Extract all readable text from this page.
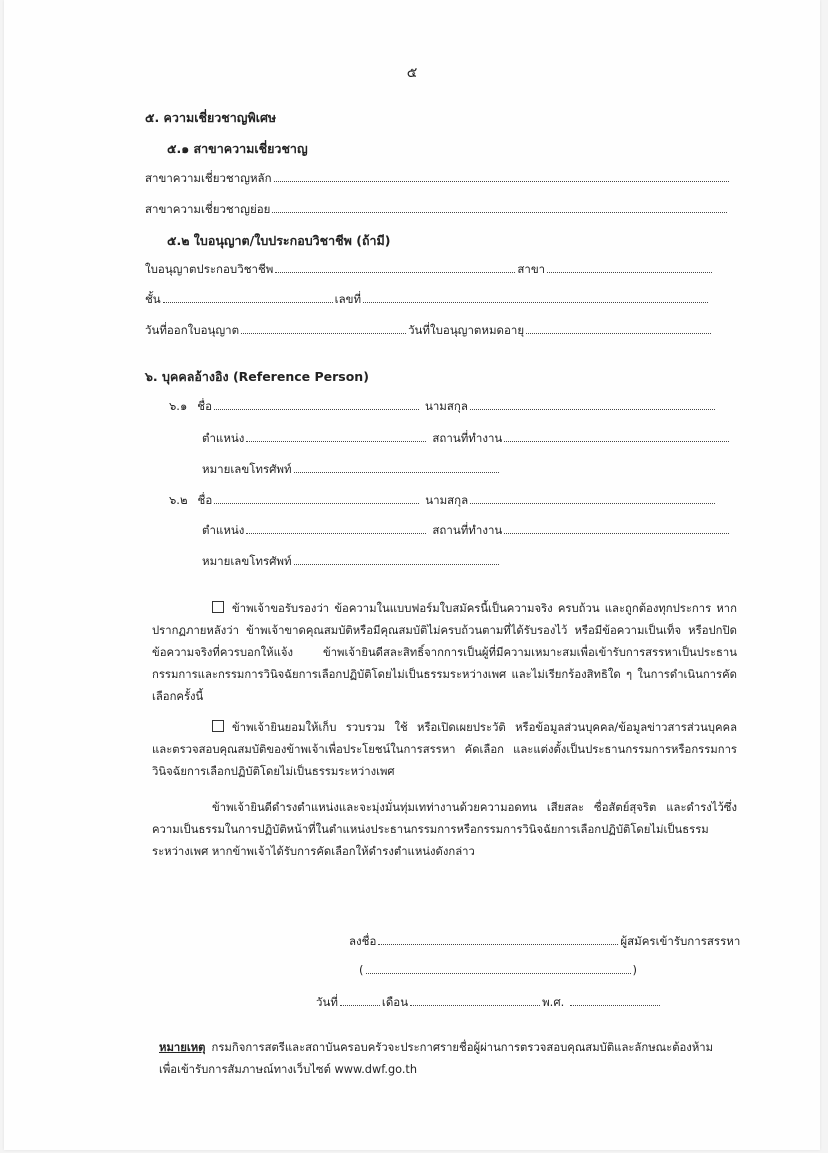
๕
๕. ความเชี่ยวชาญพิเศษ
๕.๑ สาขาความเชี่ยวชาญ
สาขาความเชี่ยวชาญหลัก
สาขาความเชี่ยวชาญย่อย
๕.๒ ใบอนุญาต/ใบประกอบวิชาชีพ (ถ้ามี)
ใบอนุญาตประกอบวิชาชีพ	สาขา
ชั้น	เลขที่
วันที่ออกใบอนุญาต	วันที่ใบอนุญาตหมดอายุ
๖. บุคคลอ้างอิง (Reference Person)
๖.๑ ชื่อ	นามสกุล
ตำแหน่ง	สถานที่ทำงาน
หมายเลขโทรศัพท์
๖.๒ ชื่อ	นามสกุล
ตำแหน่ง	สถานที่ทำงาน
หมายเลขโทรศัพท์

ข้าพเจ้าขอรับรองว่า ข้อความในแบบฟอร์มใบสมัครนี้เป็นความจริง ครบถ้วน และถูกต้องทุกประการ หากปรากฏภายหลังว่า ข้าพเจ้าขาดคุณสมบัติหรือมีคุณสมบัติไม่ครบถ้วนตามที่ได้รับรองไว้ หรือมีข้อความเป็นเท็จ หรือปกปิดข้อความจริงที่ควรบอกให้แจ้ง ข้าพเจ้ายินดีสละสิทธิ์จากการเป็นผู้ที่มีความเหมาะสมเพื่อเข้ารับการสรรหาเป็นประธานกรรมการและกรรมการวินิจฉัยการเลือกปฏิบัติโดยไม่เป็นธรรมระหว่างเพศ และไม่เรียกร้องสิทธิใด ๆ ในการดำเนินการคัดเลือกครั้งนี้

ข้าพเจ้ายินยอมให้เก็บ รวบรวม ใช้ หรือเปิดเผยประวัติ หรือข้อมูลส่วนบุคคล/ข้อมูลข่าวสารส่วนบุคคล และตรวจสอบคุณสมบัติของข้าพเจ้าเพื่อประโยชน์ในการสรรหา คัดเลือก และแต่งตั้งเป็นประธานกรรมการหรือกรรมการวินิจฉัยการเลือกปฏิบัติโดยไม่เป็นธรรมระหว่างเพศ

ข้าพเจ้ายินดีดำรงตำแหน่งและจะมุ่งมั่นทุ่มเทท่างานด้วยความอดทน เสียสละ ซื่อสัตย์สุจริต และดำรงไว้ซึ่งความเป็นธรรมในการปฏิบัติหน้าที่ในตำแหน่งประธานกรรมการหรือกรรมการวินิจฉัยการเลือกปฏิบัติโดยไม่เป็นธรรมระหว่างเพศ หากข้าพเจ้าได้รับการคัดเลือกให้ดำรงตำแหน่งดังกล่าว

ลงชื่อ	ผู้สมัครเข้ารับการสรรหา
(	)
วันที่	เดือน	พ.ศ.
หมายเหตุ กรมกิจการสตรีและสถาบันครอบครัวจะประกาศรายชื่อผู้ผ่านการตรวจสอบคุณสมบัติและลักษณะต้องห้ามเพื่อเข้ารับการสัมภาษณ์ทางเว็บไซต์ www.dwf.go.th
